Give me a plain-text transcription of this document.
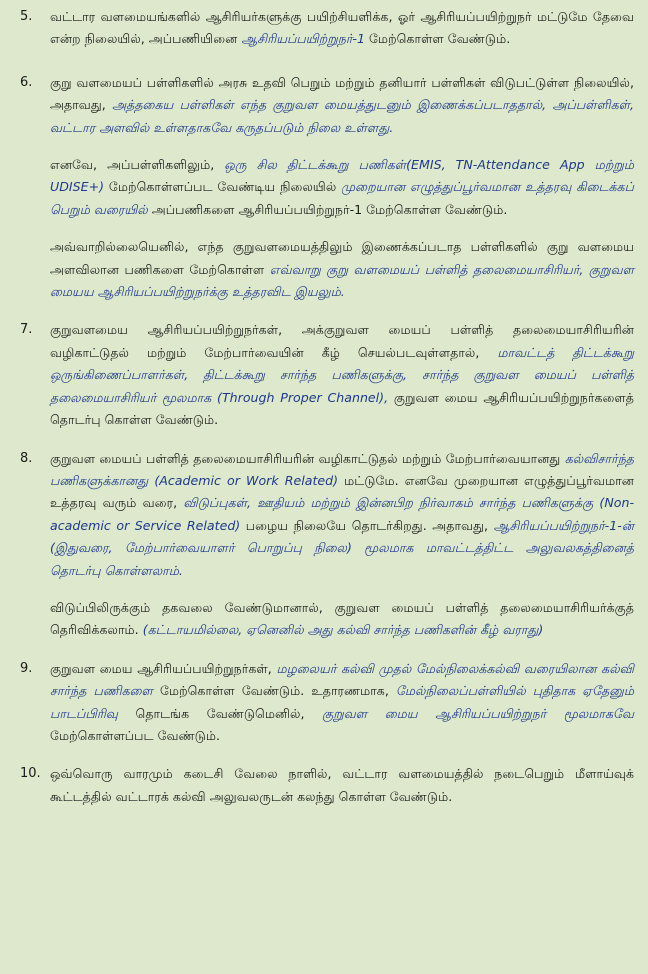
5.	வட்டார வளமையங்களில் ஆசிரியர்களுக்கு பயிற்சியளிக்க, ஓர் ஆசிரியப்பயிற்றுநர் மட்டுமே தேவை என்ற நிலையில், அப்பணியினை ஆசிரியப்பயிற்றுநர்-1 மேற்கொள்ள வேண்டும்.

6.	குறு வளமையப் பள்ளிகளில் அரசு உதவி பெறும் மற்றும் தனியார் பள்ளிகள் விடுபட்டுள்ள நிலையில், அதாவது, அத்தகைய பள்ளிகள் எந்த குறுவள மையத்துடனும் இணைக்கப்படாததால், அப்பள்ளிகள், வட்டார அளவில் உள்ளதாகவே கருதப்படும் நிலை உள்ளது.

எனவே, அப்பள்ளிகளிலும், ஒரு சில திட்டக்கூறு பணிகள்(EMIS, TN-Attendance App மற்றும் UDISE+) மேற்கொள்ளப்பட வேண்டிய நிலையில் முறையான எழுத்துப்பூர்வமான உத்தரவு கிடைக்கப் பெறும் வரையில் அப்பணிகளை ஆசிரியப்பயிற்றுநர்-1 மேற்கொள்ள வேண்டும்.

அவ்வாறில்லையெனில், எந்த குறுவளமையத்திலும் இணைக்கப்படாத பள்ளிகளில் குறு வளமைய அளவிலான பணிகளை மேற்கொள்ள எவ்வாறு குறு வளமையப் பள்ளித் தலைமையாசிரியர், குறுவள மையய ஆசிரியப்பயிற்றுநர்க்கு உத்தரவிட இயலும்.

7.	குறுவளமைய ஆசிரியப்பயிற்றுநர்கள், அக்குறுவள மையப் பள்ளித் தலைமையாசிரியரின் வழிகாட்டுதல் மற்றும் மேற்பார்வையின் கீழ் செயல்படவுள்ளதால், மாவட்டத் திட்டக்கூறு ஒருங்கிணைப்பாளர்கள், திட்டக்கூறு சார்ந்த பணிகளுக்கு, சார்ந்த குறுவள மையப் பள்ளித் தலைமையாசிரியர் மூலமாக (Through Proper Channel), குறுவள மைய ஆசிரியப்பயிற்றுநர்களைத் தொடர்பு கொள்ள வேண்டும்.

8.	குறுவள மையப் பள்ளித் தலைமையாசிரியரின் வழிகாட்டுதல் மற்றும் மேற்பார்வையானது கல்விசார்ந்த பணிகளுக்கானது (Academic or Work Related) மட்டுமே. எனவே முறையான எழுத்துப்பூர்வமான உத்தரவு வரும் வரை, விடுப்புகள், ஊதியம் மற்றும் இன்னபிற நிர்வாகம் சார்ந்த பணிகளுக்கு (Non-academic or Service Related) பழைய நிலையே தொடர்கிறது. அதாவது, ஆசிரியப்பயிற்றுநர்-1-ன் (இதுவரை, மேற்பார்வையாளர் பொறுப்பு நிலை) மூலமாக மாவட்டத்திட்ட அலுவலகத்தினைத் தொடர்பு கொள்ளலாம்.

விடுப்பிலிருக்கும் தகவலை வேண்டுமானால், குறுவள மையப் பள்ளித் தலைமையாசிரியர்க்குத் தெரிவிக்கலாம். (கட்டாயமில்லை, ஏனெனில் அது கல்வி சார்ந்த பணிகளின் கீழ் வராது)

9.	குறுவள மைய ஆசிரியப்பயிற்றுநர்கள், மழலையர் கல்வி முதல் மேல்நிலைக்கல்வி வரையிலான கல்வி சார்ந்த பணிகளை மேற்கொள்ள வேண்டும். உதாரணமாக, மேல்நிலைப்பள்ளியில் புதிதாக ஏதேனும் பாடப்பிரிவு தொடங்க வேண்டுமெனில், குறுவள மைய ஆசிரியப்பயிற்றுநர் மூலமாகவே மேற்கொள்ளப்பட வேண்டும்.

10. ஒவ்வொரு வாரமும் கடைசி வேலை நாளில், வட்டார வளமையத்தில் நடைபெறும் மீளாய்வுக் கூட்டத்தில் வட்டாரக் கல்வி அலுவலருடன் கலந்து கொள்ள வேண்டும்.
